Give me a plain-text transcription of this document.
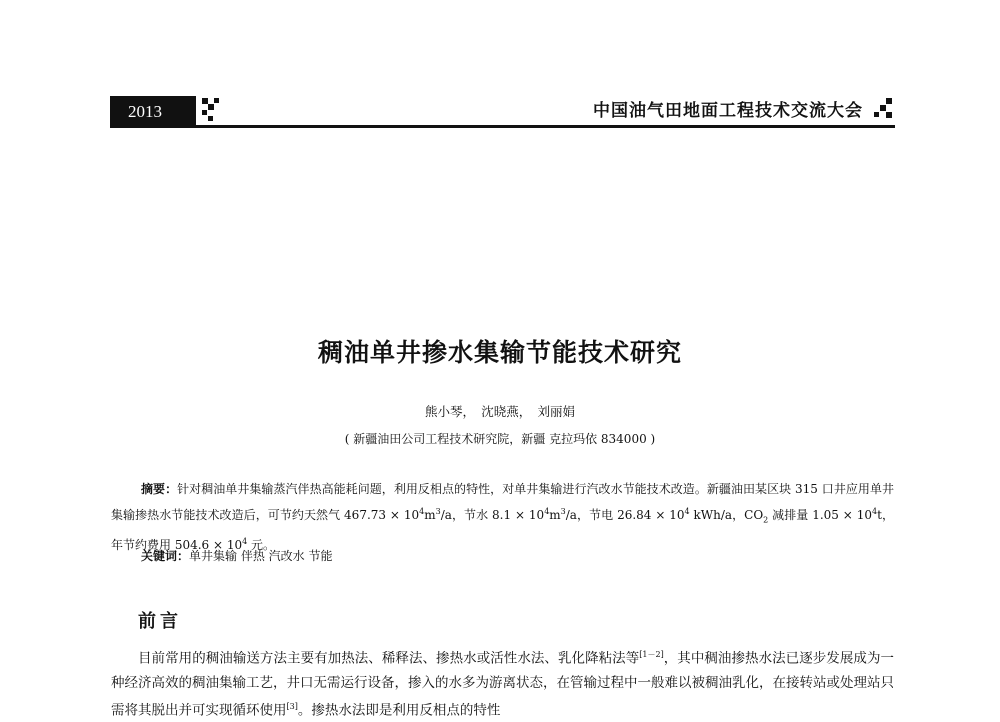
2013	中国油气田地面工程技术交流大会
稠油单井掺水集输节能技术研究
熊小琴，　沈晓燕，　刘丽娟
( 新疆油田公司工程技术研究院，新疆 克拉玛依 834000 )

摘要：针对稠油单井集输蒸汽伴热高能耗问题，利用反相点的特性，对单井集输进行汽改水节能技术改造。新疆油田某区块 315 口井应用单井集输掺热水节能技术改造后，可节约天然气 $467.73 \times 10^4m^3/a$，节水 $8.1 \times 10^4m^3/a$，节电 $26.84 \times 10^4$ kWh/a，$CO_2$ 减排量 $1.05 \times 10^4t$，年节约费用 $504.6 \times 10^4$ 元。

关键词：单井集输 伴热 汽改水 节能
前言

目前常用的稠油输送方法主要有加热法、稀释法、掺热水或活性水法、乳化降粘法等[1－2]，其中稠油掺热水法已逐步发展成为一种经济高效的稠油集输工艺，井口无需运行设备，掺入的水多为游离状态，在管输过程中一般难以被稠油乳化，在接转站或处理站只需将其脱出并可实现循环使用[3]。掺热水法即是利用反相点的特性
